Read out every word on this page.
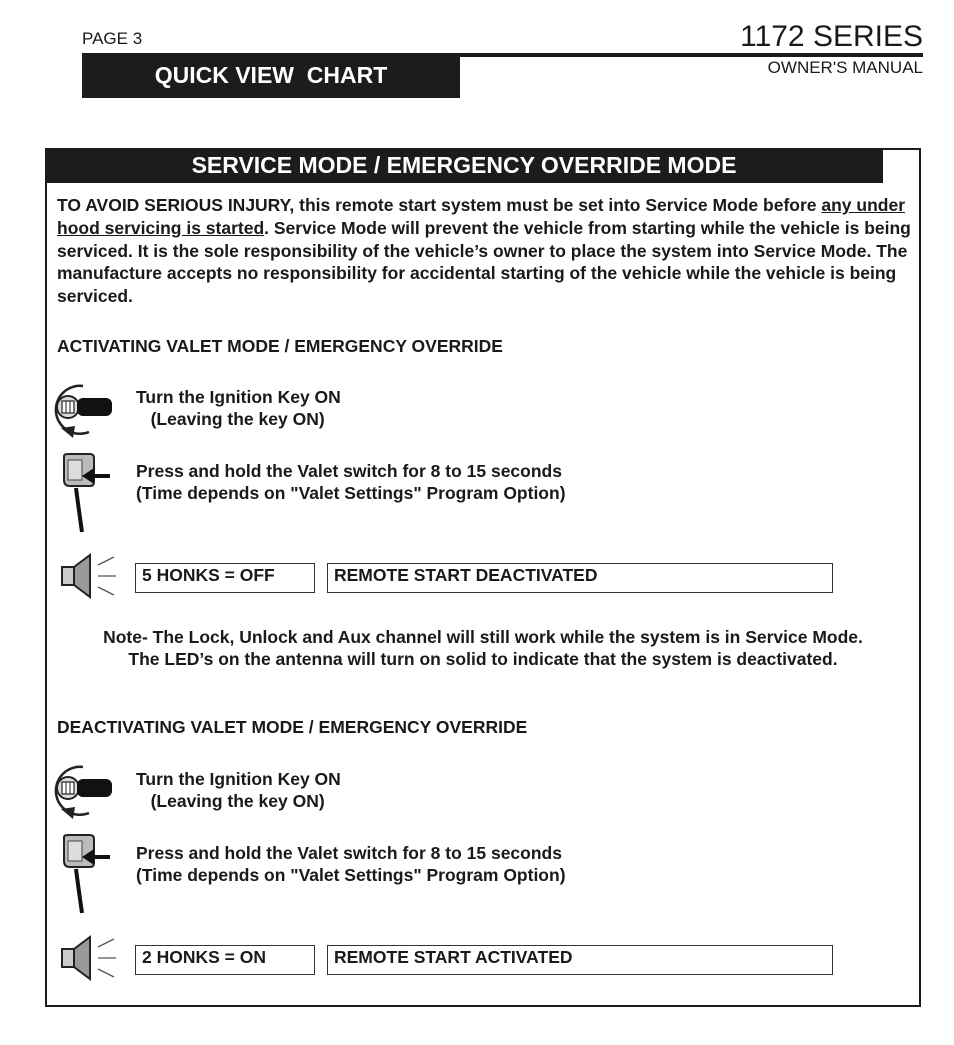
PAGE 3
QUICK VIEW  CHART
1172 SERIES
OWNER'S MANUAL
SERVICE MODE / EMERGENCY OVERRIDE MODE
TO AVOID SERIOUS INJURY, this remote start system must be set into Service Mode before any under hood servicing is started. Service Mode will prevent the vehicle from starting while the vehicle is being serviced. It is the sole responsibility of the vehicle’s owner to place the system into Service Mode. The manufacture accepts no responsibility for accidental starting of the vehicle while the vehicle is being serviced.
ACTIVATING VALET MODE / EMERGENCY OVERRIDE
Turn the Ignition Key ON
(Leaving the key ON)
Press and hold the Valet switch for 8 to 15 seconds
(Time depends on "Valet Settings" Program Option)
5 HONKS = OFF	REMOTE START DEACTIVATED
Note- The Lock, Unlock and Aux channel will still work while the system is in Service Mode.
The LED’s on the antenna will turn on solid to indicate that the system is deactivated.
DEACTIVATING VALET MODE / EMERGENCY OVERRIDE
Turn the Ignition Key ON
(Leaving the key ON)
Press and hold the Valet switch for 8 to 15 seconds
(Time depends on "Valet Settings" Program Option)
2 HONKS = ON	REMOTE START ACTIVATED
